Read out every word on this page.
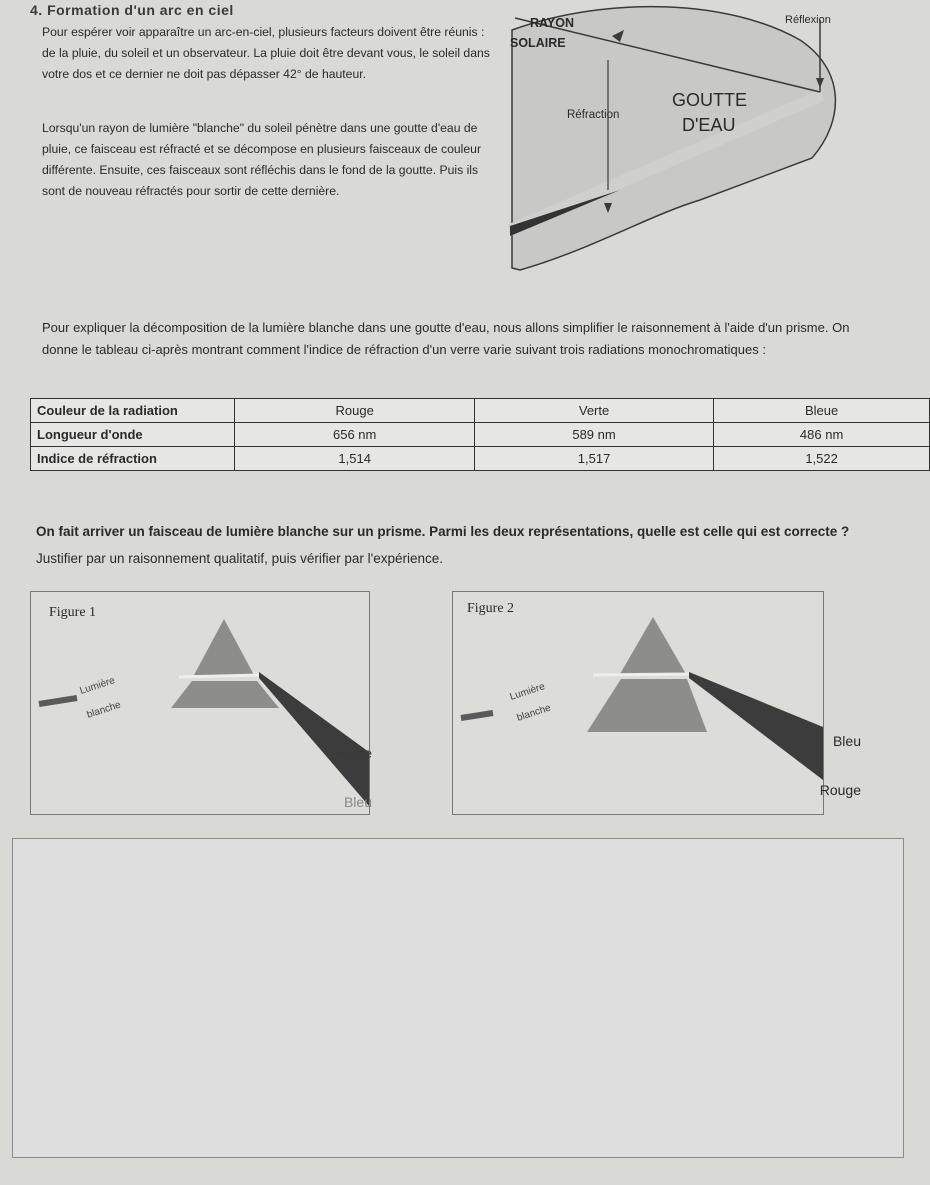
4. Formation d'un arc en ciel

Pour espérer voir apparaître un arc-en-ciel, plusieurs facteurs doivent être réunis : de la pluie, du soleil et un observateur. La pluie doit être devant vous, le soleil dans votre dos et ce dernier ne doit pas dépasser 42° de hauteur.

Lorsqu'un rayon de lumière "blanche" du soleil pénètre dans une goutte d'eau de pluie, ce faisceau est réfracté et se décompose en plusieurs faisceaux de couleur différente. Ensuite, ces faisceaux sont réfléchis dans le fond de la goutte. Puis ils sont de nouveau réfractés pour sortir de cette dernière.

RAYON
SOLAIRE
Réflexion
Réfraction
GOUTTE
D'EAU

Pour expliquer la décomposition de la lumière blanche dans une goutte d'eau, nous allons simplifier le raisonnement à l'aide d'un prisme. On donne le tableau ci-après montrant comment l'indice de réfraction d'un verre varie suivant trois radiations monochromatiques :

Couleur de la radiation	Rouge	Verte	Bleue
Longueur d'onde	656 nm	589 nm	486 nm
Indice de réfraction	1,514	1,517	1,522

On fait arriver un faisceau de lumière blanche sur un prisme. Parmi les deux représentations, quelle est celle qui est correcte ? Justifier par un raisonnement qualitatif, puis vérifier par l'expérience.

Figure 1
Lumière
blanche
Rouge
Bleu
Figure 2
Lumière
blanche
Bleu
Rouge
